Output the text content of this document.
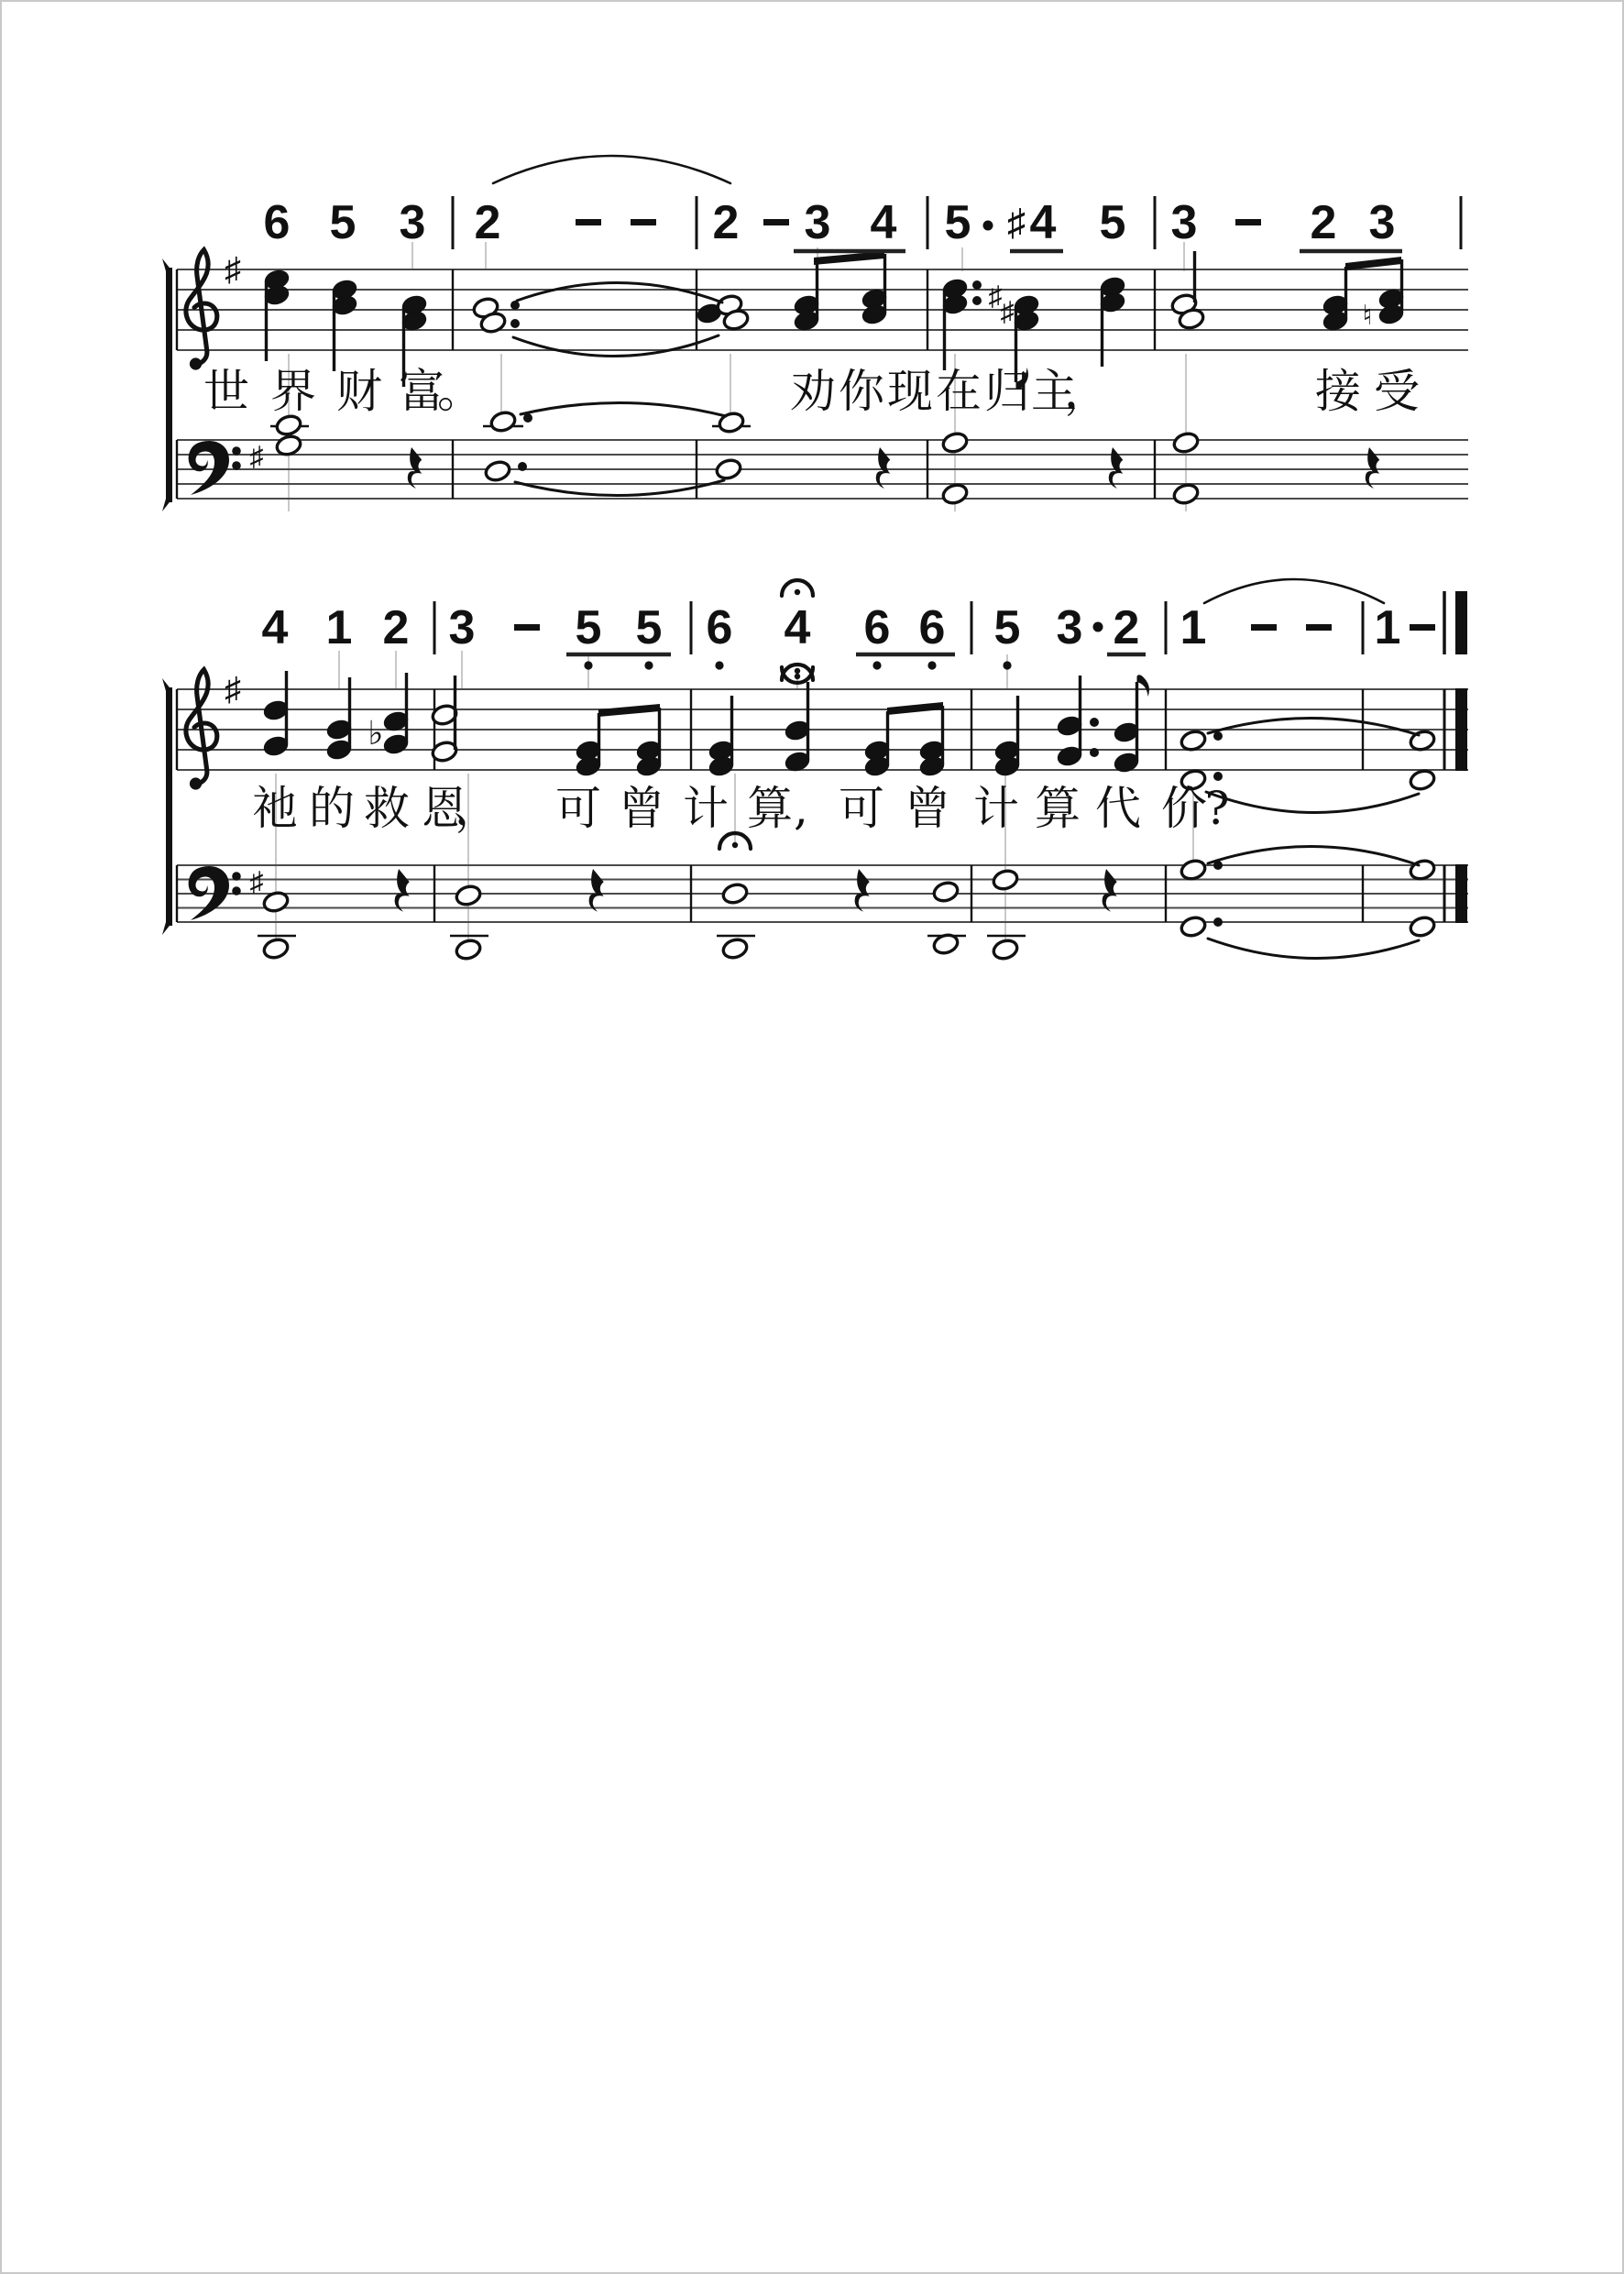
♯
♯
♯	♮
♯
6 5 3 2	2 3 4 5 ♯ 4 5 3 2 3
世 界 财 富
。	劝 你 现 在 归 主
，	接 受
♯
♭
♯
4 1 2 3 5 5 6 4 6 6 5 3 2 1	1
祂 的 救 恩
， 可 曾 计 算 , 可 曾 计 算 代 价
?
